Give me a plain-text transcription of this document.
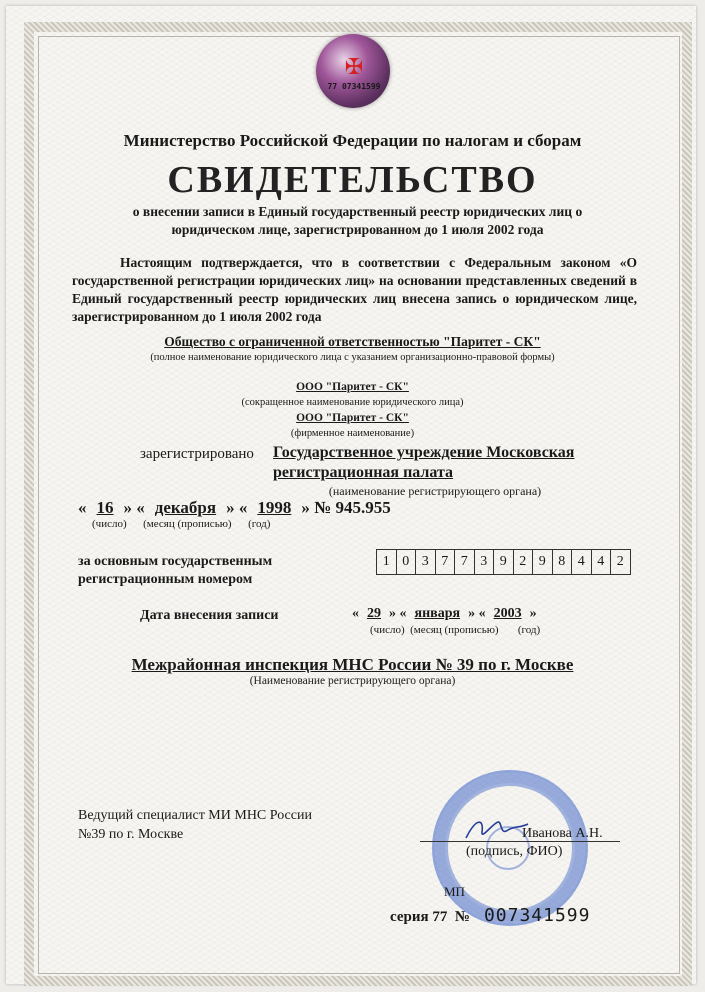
✠
77 07341599

Министерство Российской Федерации по налогам и сборам

СВИДЕТЕЛЬСТВО

о внесении записи в Единый государственный реестр юридических лиц о юридическом лице, зарегистрированном до 1 июля 2002 года

Настоящим подтверждается, что в соответствии с Федеральным законом «О государственной регистрации юридических лиц» на основании представленных сведений в Единый государственный реестр юридических лиц внесена запись о юридическом лице, зарегистрированном до 1 июля 2002 года

Общество с ограниченной ответственностью "Паритет - СК"

(полное наименование юридического лица с указанием организационно-правовой формы)

ООО "Паритет - СК"

(сокращенное наименование юридического лица)

ООО "Паритет - СК"

(фирменное наименование)

зарегистрировано Государственное учреждение Московская
регистрационная палата

(наименование регистрирующего органа)

« 16 » « декабря » « 1998 » № 945.955

(число) (месяц (прописью) (год)

за основным государственным
регистрационным номером

1 0 3 7 7 3 9 2 9 8 4 4 2

Дата внесения записи	« 29 » « января » « 2003 »

(число) (месяц (прописью) (год)

Межрайонная инспекция МНС России № 39 по г. Москве

(Наименование регистрирующего органа)

Ведущий специалист МИ МНС России
№39 по г. Москве	Иванова А.Н.

(подпись, ФИО)

МП

серия 77 № 007341599
